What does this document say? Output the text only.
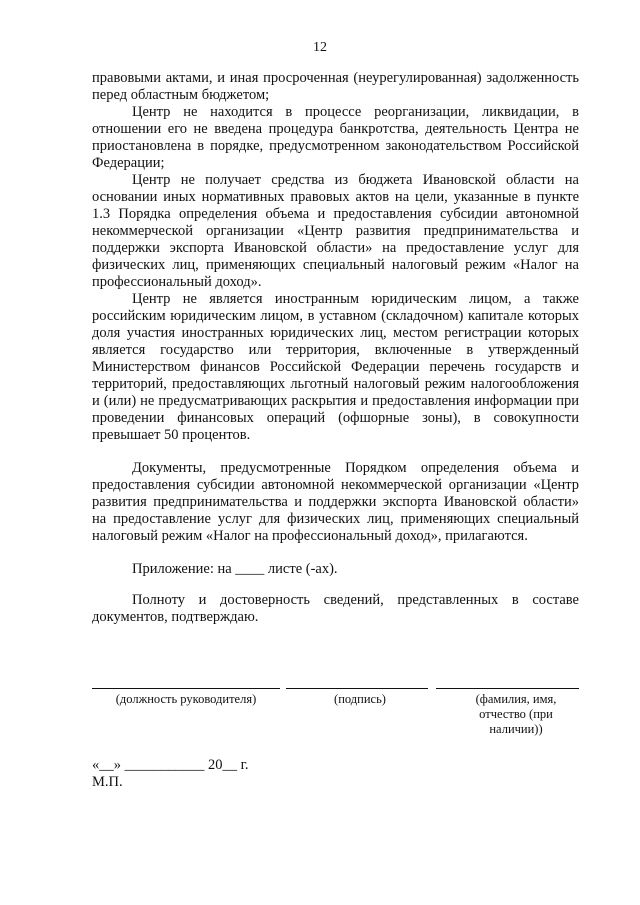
12

правовыми актами, и иная просроченная (неурегулированная) задолженность перед областным бюджетом;

Центр не находится в процессе реорганизации, ликвидации, в отношении его не введена процедура банкротства, деятельность Центра не приостановлена в порядке, предусмотренном законодательством Российской Федерации;

Центр не получает средства из бюджета Ивановской области на основании иных нормативных правовых актов на цели, указанные в пункте 1.3 Порядка определения объема и предоставления субсидии автономной некоммерческой организации «Центр развития предпринимательства и поддержки экспорта Ивановской области» на предоставление услуг для физических лиц, применяющих специальный налоговый режим «Налог на профессиональный доход».

Центр не является иностранным юридическим лицом, а также российским юридическим лицом, в уставном (складочном) капитале которых доля участия иностранных юридических лиц, местом регистрации которых является государство или территория, включенные в утвержденный Министерством финансов Российской Федерации перечень государств и территорий, предоставляющих льготный налоговый режим налогообложения и (или) не предусматривающих раскрытия и предоставления информации при проведении финансовых операций (офшорные зоны), в совокупности превышает 50 процентов.

Документы, предусмотренные Порядком определения объема и предоставления субсидии автономной некоммерческой организации «Центр развития предпринимательства и поддержки экспорта Ивановской области» на предоставление услуг для физических лиц, применяющих специальный налоговый режим «Налог на профессиональный доход», прилагаются.

Приложение: на ____ листе (-ах).

Полноту и достоверность сведений, представленных в составе документов, подтверждаю.

(должность руководителя)	(подпись)	(фамилия, имя, отчество (при наличии))
«__» ___________ 20__ г.
М.П.
